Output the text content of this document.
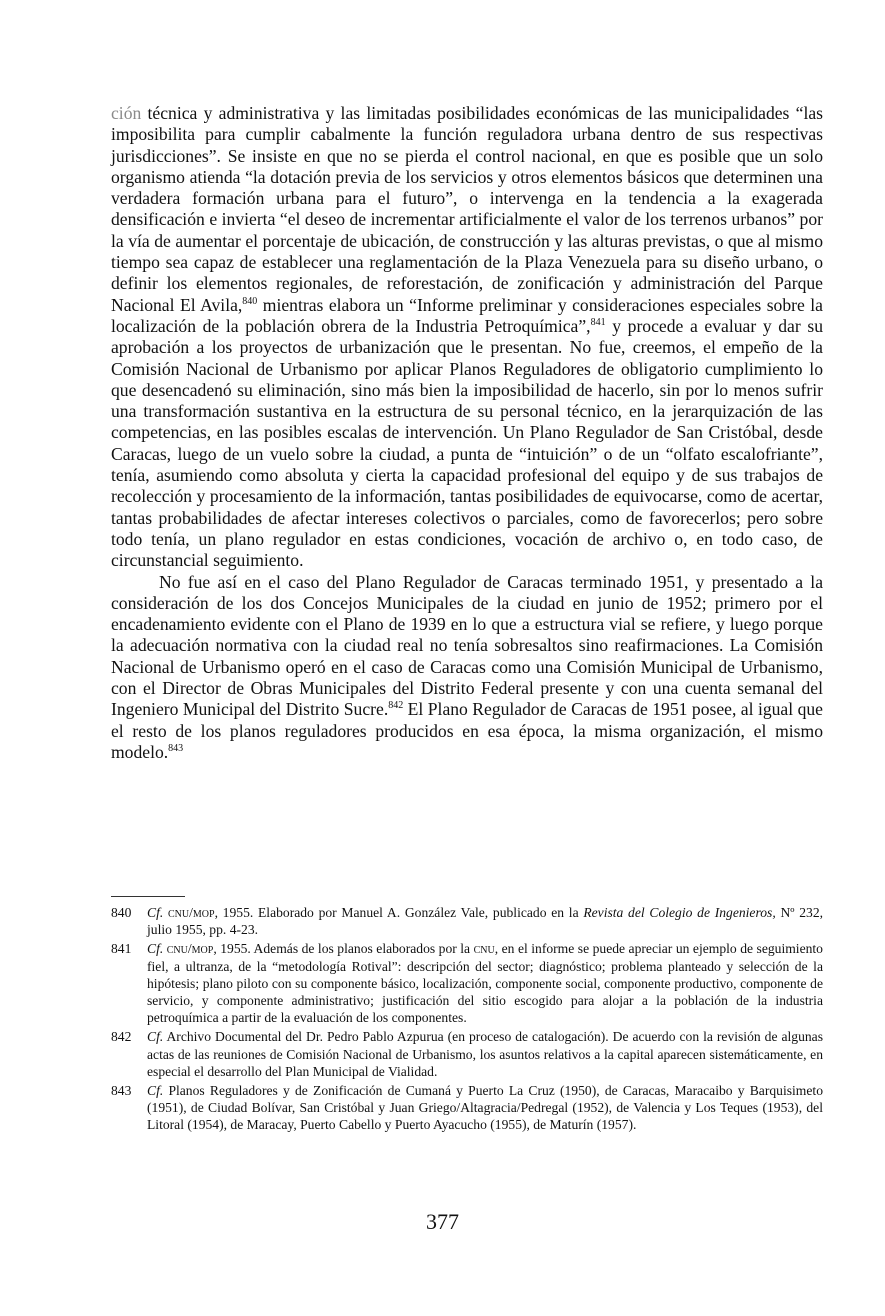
ción técnica y administrativa y las limitadas posibilidades económicas de las municipalidades “las imposibilita para cumplir cabalmente la función reguladora urbana dentro de sus respectivas jurisdicciones”. Se insiste en que no se pierda el control nacional, en que es posible que un solo organismo atienda “la dotación previa de los servicios y otros elementos básicos que determinen una verdadera formación urbana para el futuro”, o intervenga en la tendencia a la exagerada densificación e invierta “el deseo de incrementar artificialmente el valor de los terrenos urbanos” por la vía de aumentar el porcentaje de ubicación, de construcción y las alturas previstas, o que al mismo tiempo sea capaz de establecer una reglamentación de la Plaza Venezuela para su diseño urbano, o definir los elementos regionales, de reforestación, de zonificación y administración del Parque Nacional El Avila,$^{840}$ mientras elabora un “Informe preliminar y consideraciones especiales sobre la localización de la población obrera de la Industria Petroquímica”,$^{841}$ y procede a evaluar y dar su aprobación a los proyectos de urbanización que le presentan. No fue, creemos, el empeño de la Comisión Nacional de Urbanismo por aplicar Planos Reguladores de obligatorio cumplimiento lo que desencadenó su eliminación, sino más bien la imposibilidad de hacerlo, sin por lo menos sufrir una transformación sustantiva en la estructura de su personal técnico, en la jerarquización de las competencias, en las posibles escalas de intervención. Un Plano Regulador de San Cristóbal, desde Caracas, luego de un vuelo sobre la ciudad, a punta de “intuición” o de un “olfato escalofriante”, tenía, asumiendo como absoluta y cierta la capacidad profesional del equipo y de sus trabajos de recolección y procesamiento de la información, tantas posibilidades de equivocarse, como de acertar, tantas probabilidades de afectar intereses colectivos o parciales, como de favorecerlos; pero sobre todo tenía, un plano regulador en estas condiciones, vocación de archivo o, en todo caso, de circunstancial seguimiento.

No fue así en el caso del Plano Regulador de Caracas terminado 1951, y presentado a la consideración de los dos Concejos Municipales de la ciudad en junio de 1952; primero por el encadenamiento evidente con el Plano de 1939 en lo que a estructura vial se refiere, y luego porque la adecuación normativa con la ciudad real no tenía sobresaltos sino reafirmaciones. La Comisión Nacional de Urbanismo operó en el caso de Caracas como una Comisión Municipal de Urbanismo, con el Director de Obras Municipales del Distrito Federal presente y con una cuenta semanal del Ingeniero Municipal del Distrito Sucre.$^{842}$ El Plano Regulador de Caracas de 1951 posee, al igual que el resto de los planos reguladores producidos en esa época, la misma organización, el mismo modelo.$^{843}$

840	Cf. cnu/mop, 1955. Elaborado por Manuel A. González Vale, publicado en la Revista del Colegio de Ingenieros, Nº 232, julio 1955, pp. 4-23.
841	Cf. cnu/mop, 1955. Además de los planos elaborados por la cnu, en el informe se puede apreciar un ejemplo de seguimiento fiel, a ultranza, de la “metodología Rotival”: descripción del sector; diagnóstico; problema planteado y selección de la hipótesis; plano piloto con su componente básico, localización, componente social, componente productivo, componente de servicio, y componente administrativo; justificación del sitio escogido para alojar a la población de la industria petroquímica a partir de la evaluación de los componentes.
842	Cf. Archivo Documental del Dr. Pedro Pablo Azpurua (en proceso de catalogación). De acuerdo con la revisión de algunas actas de las reuniones de Comisión Nacional de Urbanismo, los asuntos relativos a la capital aparecen sistemáticamente, en especial el desarrollo del Plan Municipal de Vialidad.
843	Cf. Planos Reguladores y de Zonificación de Cumaná y Puerto La Cruz (1950), de Caracas, Maracaibo y Barquisimeto (1951), de Ciudad Bolívar, San Cristóbal y Juan Griego/Altagracia/Pedregal (1952), de Valencia y Los Teques (1953), del Litoral (1954), de Maracay, Puerto Cabello y Puerto Ayacucho (1955), de Maturín (1957).
377
